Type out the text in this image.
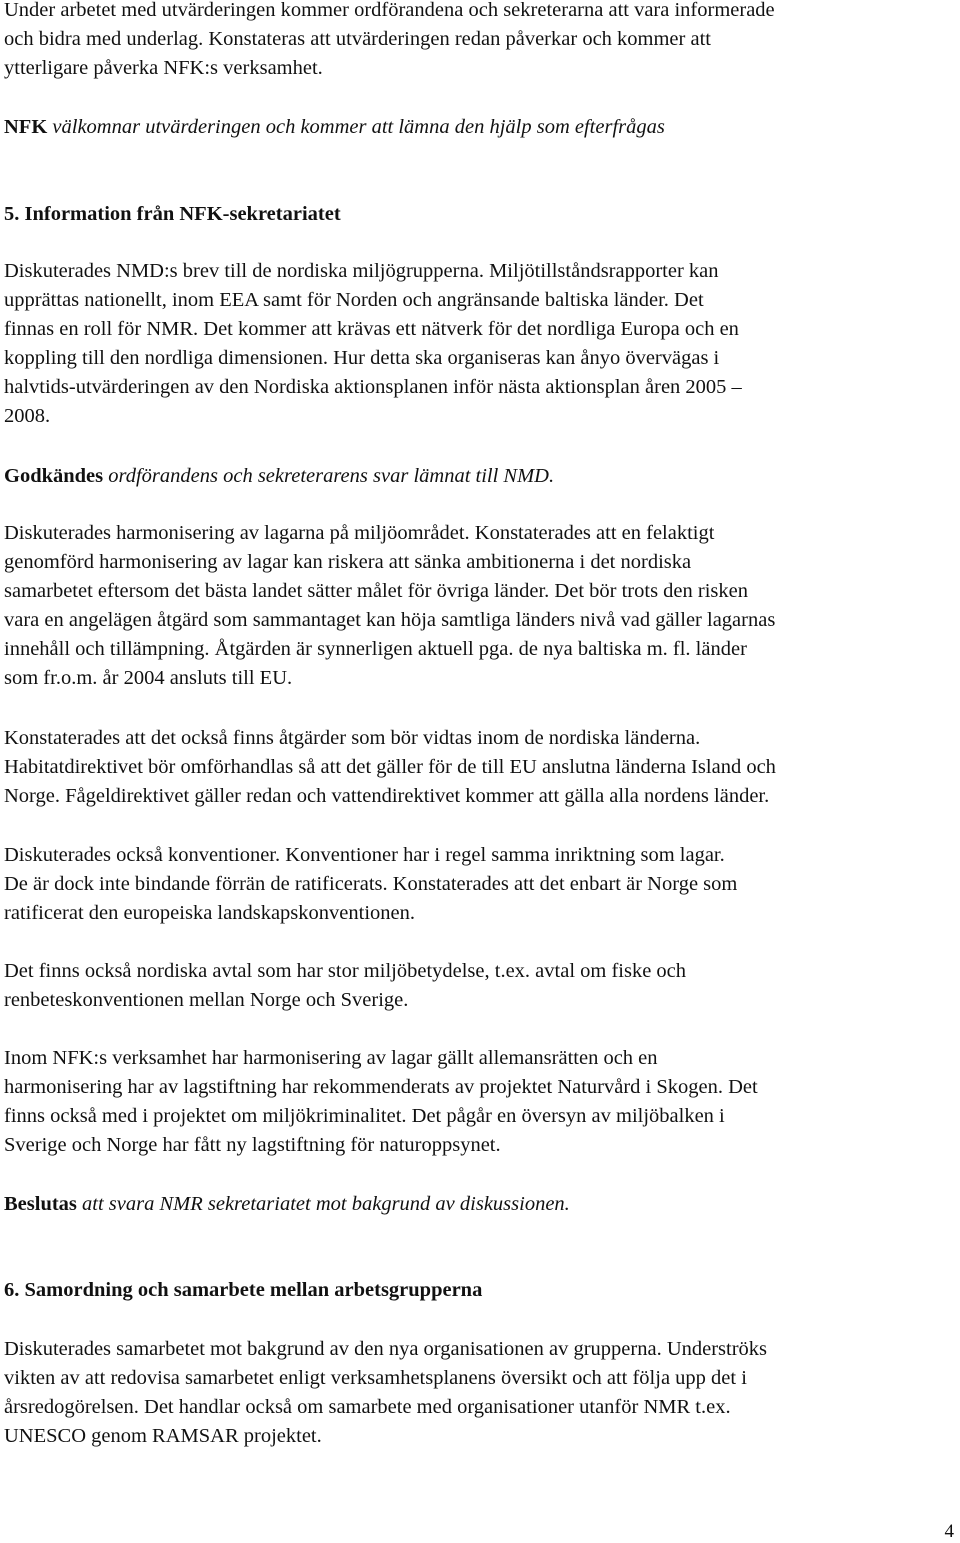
Under arbetet med utvärderingen kommer ordförandena och sekreterarna att vara informerade
och bidra med underlag. Konstateras att utvärderingen redan påverkar och kommer att
ytterligare påverka NFK:s verksamhet.

NFK välkomnar utvärderingen och kommer att lämna den hjälp som efterfrågas

5. Information från NFK-sekretariatet
Diskuterades NMD:s brev till de nordiska miljögrupperna. Miljötillståndsrapporter kan
upprättas nationellt, inom EEA samt för Norden och angränsande baltiska länder. Det
finnas en roll för NMR. Det kommer att krävas ett nätverk för det nordliga Europa och en
koppling till den nordliga dimensionen. Hur detta ska organiseras kan ånyo övervägas i
halvtids-utvärderingen av den Nordiska aktionsplanen inför nästa aktionsplan åren 2005 –
2008.

Godkändes ordförandens och sekreterarens svar lämnat till NMD.

Diskuterades harmonisering av lagarna på miljöområdet. Konstaterades att en felaktigt
genomförd harmonisering av lagar kan riskera att sänka ambitionerna i det nordiska
samarbetet eftersom det bästa landet sätter målet för övriga länder. Det bör trots den risken
vara en angelägen åtgärd som sammantaget kan höja samtliga länders nivå vad gäller lagarnas
innehåll och tillämpning. Åtgärden är synnerligen aktuell pga. de nya baltiska m. fl. länder
som fr.o.m. år 2004 ansluts till EU.
Konstaterades att det också finns åtgärder som bör vidtas inom de nordiska länderna.
Habitatdirektivet bör omförhandlas så att det gäller för de till EU anslutna länderna Island och
Norge. Fågeldirektivet gäller redan och vattendirektivet kommer att gälla alla nordens länder.
Diskuterades också konventioner. Konventioner har i regel samma inriktning som lagar.
De är dock inte bindande förrän de ratificerats. Konstaterades att det enbart är Norge som
ratificerat den europeiska landskapskonventionen.
Det finns också nordiska avtal som har stor miljöbetydelse, t.ex. avtal om fiske och
renbeteskonventionen mellan Norge och Sverige.
Inom NFK:s verksamhet har harmonisering av lagar gällt allemansrätten och en
harmonisering har av lagstiftning har rekommenderats av projektet Naturvård i Skogen. Det
finns också med i projektet om miljökriminalitet. Det pågår en översyn av miljöbalken i
Sverige och Norge har fått ny lagstiftning för naturoppsynet.

Beslutas att svara NMR sekretariatet mot bakgrund av diskussionen.

6. Samordning och samarbete mellan arbetsgrupperna
Diskuterades samarbetet mot bakgrund av den nya organisationen av grupperna. Underströks
vikten av att redovisa samarbetet enligt verksamhetsplanens översikt och att följa upp det i
årsredogörelsen. Det handlar också om samarbete med organisationer utanför NMR t.ex.
UNESCO genom RAMSAR projektet.
4
